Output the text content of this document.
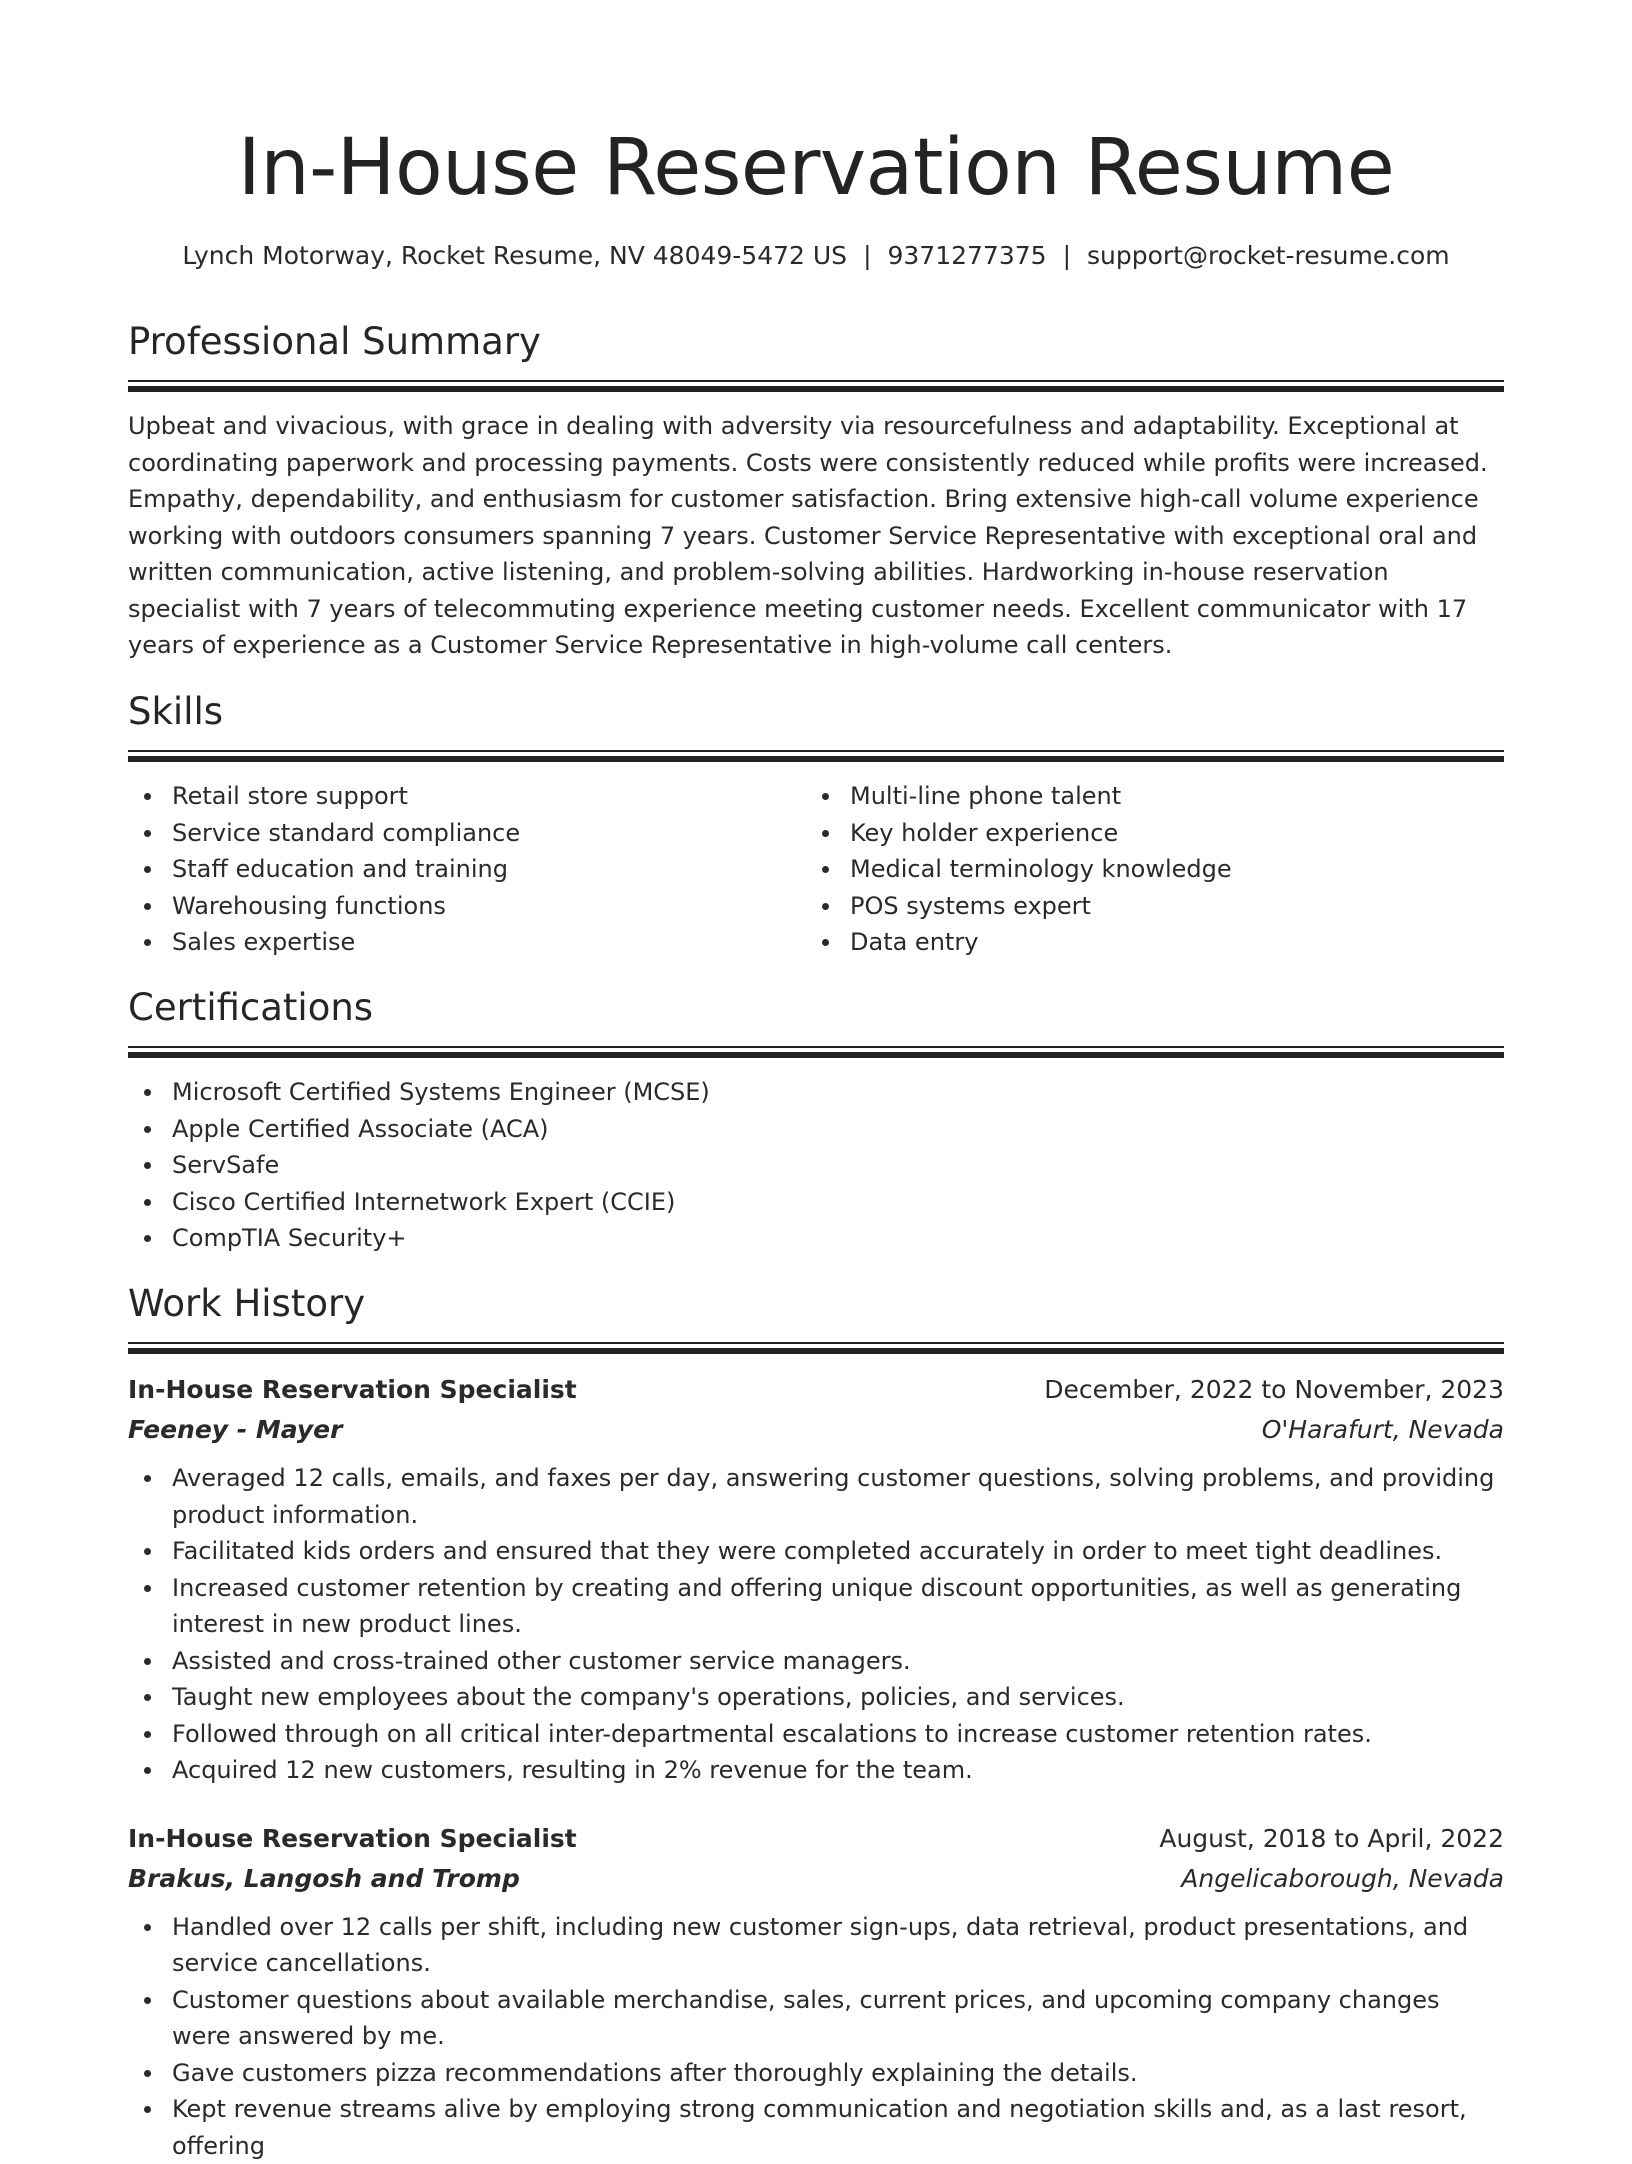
In-House Reservation Resume
Lynch Motorway, Rocket Resume, NV 48049-5472 US | 9371277375 | support@rocket-resume.com
Professional Summary

Upbeat and vivacious, with grace in dealing with adversity via resourcefulness and adaptability. Exceptional at coordinating paperwork and processing payments. Costs were consistently reduced while profits were increased. Empathy, dependability, and enthusiasm for customer satisfaction. Bring extensive high-call volume experience working with outdoors consumers spanning 7 years. Customer Service Representative with exceptional oral and written communication, active listening, and problem-solving abilities. Hardworking in-house reservation specialist with 7 years of telecommuting experience meeting customer needs. Excellent communicator with 17 years of experience as a Customer Service Representative in high-volume call centers.

Skills
Retail store support
Service standard compliance
Staff education and training
Warehousing functions
Sales expertise
Multi-line phone talent
Key holder experience
Medical terminology knowledge
POS systems expert
Data entry
Certifications
Microsoft Certified Systems Engineer (MCSE)
Apple Certified Associate (ACA)
ServSafe
Cisco Certified Internetwork Expert (CCIE)
CompTIA Security+
Work History
In-House Reservation Specialist	December, 2022 to November, 2023
Feeney - Mayer	O'Harafurt, Nevada
Averaged 12 calls, emails, and faxes per day, answering customer questions, solving problems, and providing product information.
Facilitated kids orders and ensured that they were completed accurately in order to meet tight deadlines.
Increased customer retention by creating and offering unique discount opportunities, as well as generating interest in new product lines.
Assisted and cross-trained other customer service managers.
Taught new employees about the company's operations, policies, and services.
Followed through on all critical inter-departmental escalations to increase customer retention rates.
Acquired 12 new customers, resulting in 2% revenue for the team.
In-House Reservation Specialist	August, 2018 to April, 2022
Brakus, Langosh and Tromp	Angelicaborough, Nevada
Handled over 12 calls per shift, including new customer sign-ups, data retrieval, product presentations, and service cancellations.
Customer questions about available merchandise, sales, current prices, and upcoming company changes were answered by me.
Gave customers pizza recommendations after thoroughly explaining the details.
Kept revenue streams alive by employing strong communication and negotiation skills and, as a last resort, offering
